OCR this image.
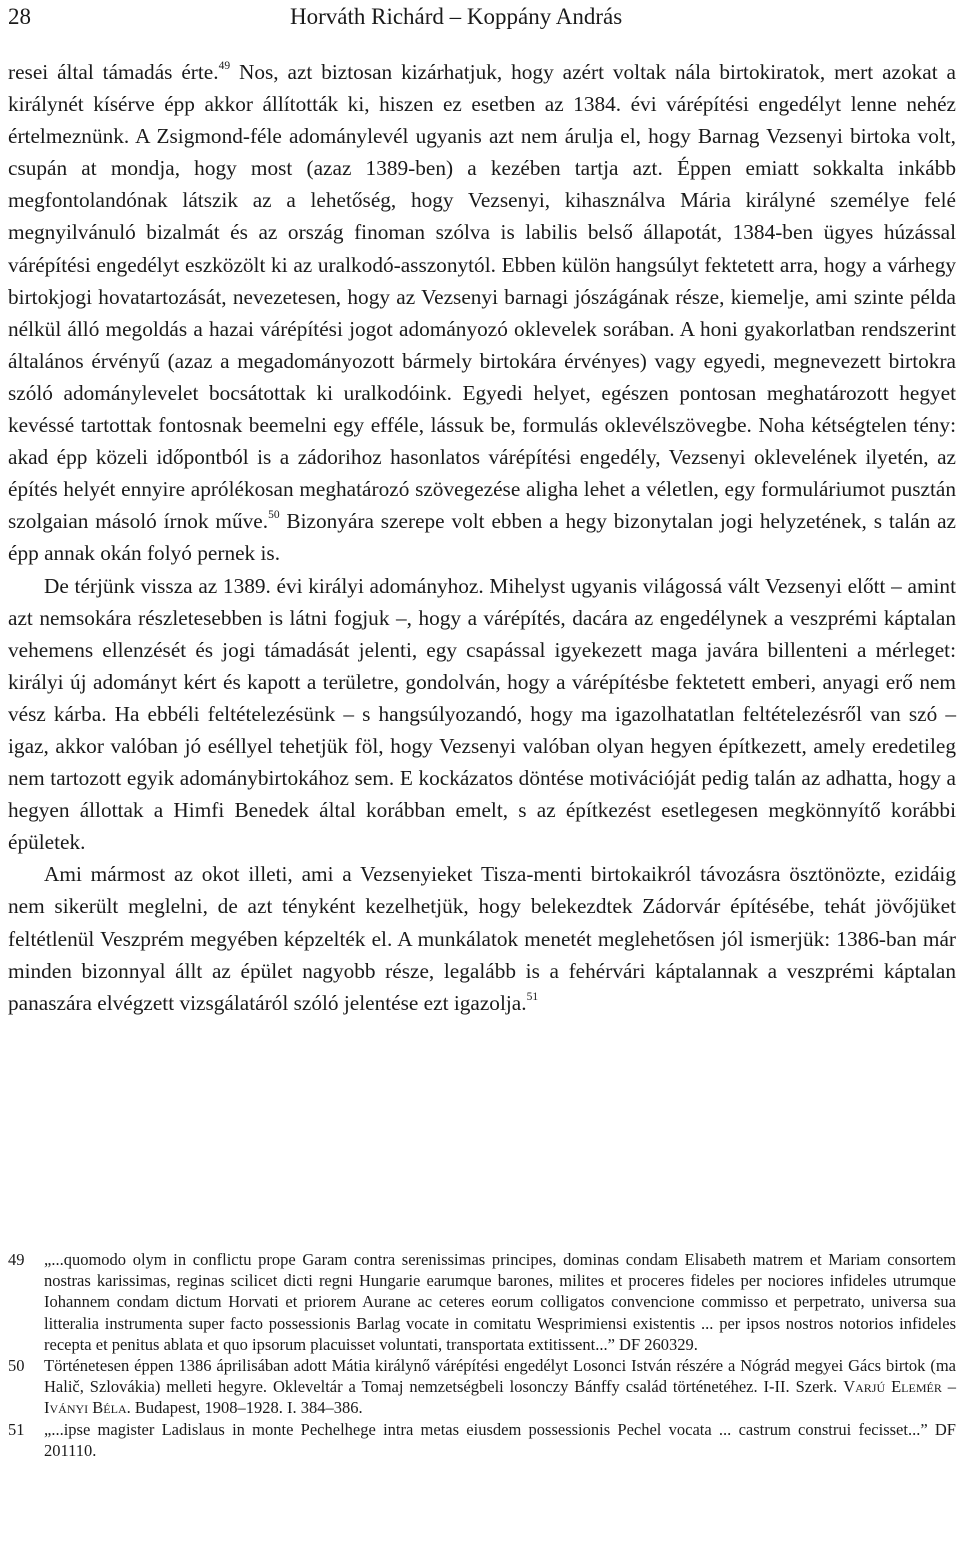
28	Horváth Richárd – Koppány András

resei által támadás érte.$^{49}$ Nos, azt biztosan kizárhatjuk, hogy azért voltak nála birtokiratok, mert azokat a királynét kísérve épp akkor állították ki, hiszen ez esetben az 1384. évi várépítési engedélyt lenne nehéz értelmeznünk. A Zsigmond-féle adománylevél ugyanis azt nem árulja el, hogy Barnag Vezsenyi birtoka volt, csupán at mondja, hogy most (azaz 1389-ben) a kezében tartja azt. Éppen emiatt sokkalta inkább megfontolandónak látszik az a lehetőség, hogy Vezsenyi, kihasználva Mária királyné személye felé megnyilvánuló bizalmát és az ország finoman szólva is labilis belső állapotát, 1384-ben ügyes húzással várépítési engedélyt eszközölt ki az uralkodó-asszonytól. Ebben külön hangsúlyt fektetett arra, hogy a várhegy birtokjogi hovatartozását, nevezetesen, hogy az Vezsenyi barnagi jószágának része, kiemelje, ami szinte példa nélkül álló megoldás a hazai várépítési jogot adományozó oklevelek sorában. A honi gyakorlatban rendszerint általános érvényű (azaz a megadományozott bármely birtokára érvényes) vagy egyedi, megnevezett birtokra szóló adománylevelet bocsátottak ki uralkodóink. Egyedi helyet, egészen pontosan meghatározott hegyet kevéssé tartottak fontosnak beemelni egy efféle, lássuk be, formulás oklevélszövegbe. Noha kétségtelen tény: akad épp közeli időpontból is a zádorihoz hasonlatos várépítési engedély, Vezsenyi oklevelének ilyetén, az építés helyét ennyire aprólékosan meghatározó szövegezése aligha lehet a véletlen, egy formuláriumot pusztán szolgaian másoló írnok műve.$^{50}$ Bizonyára szerepe volt ebben a hegy bizonytalan jogi helyzetének, s talán az épp annak okán folyó pernek is.

De térjünk vissza az 1389. évi királyi adományhoz. Mihelyst ugyanis világossá vált Vezsenyi előtt – amint azt nemsokára részletesebben is látni fogjuk –, hogy a várépítés, dacára az engedélynek a veszprémi káptalan vehemens ellenzését és jogi támadását jelenti, egy csapással igyekezett maga javára billenteni a mérleget: királyi új adományt kért és kapott a területre, gondolván, hogy a várépítésbe fektetett emberi, anyagi erő nem vész kárba. Ha ebbéli feltételezésünk – s hangsúlyozandó, hogy ma igazolhatatlan feltételezésről van szó – igaz, akkor valóban jó eséllyel tehetjük föl, hogy Vezsenyi valóban olyan hegyen építkezett, amely eredetileg nem tartozott egyik adománybirtokához sem. E kockázatos döntése motivációját pedig talán az adhatta, hogy a hegyen állottak a Himfi Benedek által korábban emelt, s az építkezést esetlegesen megkönnyítő korábbi épületek.

Ami mármost az okot illeti, ami a Vezsenyieket Tisza-menti birtokaikról távozásra ösztönözte, ezidáig nem sikerült meglelni, de azt tényként kezelhetjük, hogy belekezdtek Zádorvár építésébe, tehát jövőjüket feltétlenül Veszprém megyében képzelték el. A munkálatok menetét meglehetősen jól ismerjük: 1386-ban már minden bizonnyal állt az épület nagyobb része, legalább is a fehérvári káptalannak a veszprémi káptalan panaszára elvégzett vizsgálatáról szóló jelentése ezt igazolja.$^{51}$

49 „...quomodo olym in conflictu prope Garam contra serenissimas principes, dominas condam Elisabeth matrem et Mariam consortem nostras karissimas, reginas scilicet dicti regni Hungarie earumque barones, milites et proceres fideles per nociores infideles utrumque Iohannem condam dictum Horvati et priorem Aurane ac ceteres eorum colligatos convencione commisso et perpetrato, universa sua litteralia instrumenta super facto possessionis Barlag vocate in comitatu Wesprimiensi existentis ... per ipsos nostros notorios infideles recepta et penitus ablata et quo ipsorum placuisset voluntati, transportata extitissent...” DF 260329.
50 Történetesen éppen 1386 áprilisában adott Mátia királynő várépítési engedélyt Losonci István részére a Nógrád megyei Gács birtok (ma Halič, Szlovákia) melleti hegyre. Okleveltár a Tomaj nemzetségbeli losonczy Bánffy család történetéhez. I-II. Szerk. Varjú Elemér – Iványi Béla. Budapest, 1908–1928. I. 384–386.
51 „...ipse magister Ladislaus in monte Pechelhege intra metas eiusdem possessionis Pechel vocata ... castrum construi fecisset...” DF 201110.
